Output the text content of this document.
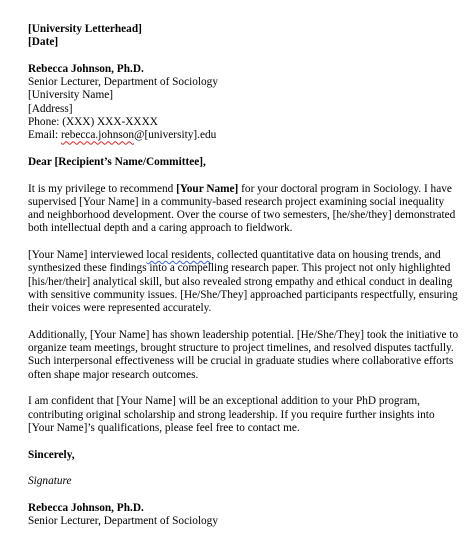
[University Letterhead]
[Date]
Rebecca Johnson, Ph.D.
Senior Lecturer, Department of Sociology
[University Name]
[Address]
Phone: (XXX) XXX-XXXX
Email: rebecca.johnson@[university].edu
Dear [Recipient’s Name/Committee],

It is my privilege to recommend [Your Name] for your doctoral program in Sociology. I have supervised [Your Name] in a community-based research project examining social inequality and neighborhood development. Over the course of two semesters, [he/she/they] demonstrated both intellectual depth and a caring approach to fieldwork.

[Your Name] interviewed local residents, collected quantitative data on housing trends, and synthesized these findings into a compelling research paper. This project not only highlighted [his/her/their] analytical skill, but also revealed strong empathy and ethical conduct in dealing with sensitive community issues. [He/She/They] approached participants respectfully, ensuring their voices were represented accurately.

Additionally, [Your Name] has shown leadership potential. [He/She/They] took the initiative to organize team meetings, brought structure to project timelines, and resolved disputes tactfully. Such interpersonal effectiveness will be crucial in graduate studies where collaborative efforts often shape major research outcomes.

I am confident that [Your Name] will be an exceptional addition to your PhD program, contributing original scholarship and strong leadership. If you require further insights into [Your Name]’s qualifications, please feel free to contact me.

Sincerely,
Signature
Rebecca Johnson, Ph.D.
Senior Lecturer, Department of Sociology
